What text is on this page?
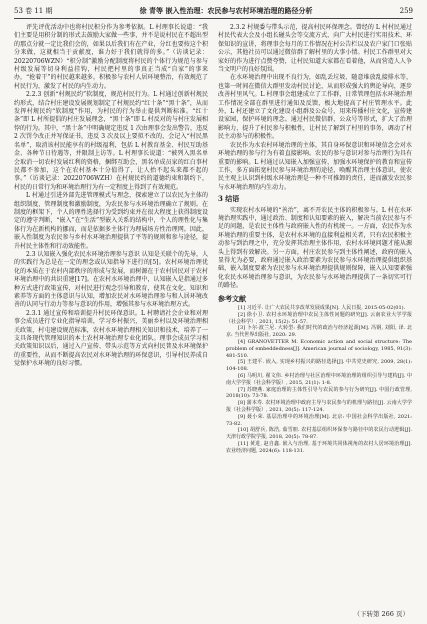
53 卷 11 期	徐 青等 嵌入性治理：农民参与农村环境治理的路径分析	259

评先评优活动中也将村民积分作为参考依据。L 村理事长说道：“我们主要是用积分制的形式去鼓励大家做一些事，并不是说村民在不超出型的那点分就一定比我们会的，如果以后我们有在产业，分红也要按这个积分来做，这就相当于贡献度，谁力好于我们就得的多。”（访谈记录：20220706WZN）“积分制”激励分配制度将村民的个体行为规范与参与村级发展等切身利益挂钩，村民把村里的事真正当成“自家”的事来办，“抢着干”的村民越来越多，积极参与农村人居环境整治，有效规范了村民行为，激发了村民的内生动力。

2.2.3 创新“村规民约”软制度，规范村民行为。L 村通过创新村规民约形式，结合村庄建设发展规划制定了村规民约“红十条”“黑十条”，从而发挥村规民约“软制度”作用，为村民的行为举止提供判断标准。“红十条”即 L 村所提倡的村庄发展理念，“黑十条”即 L 村反对的与村庄发展相悖的行为。其中，“黑十条”中明确规定违反 1 次由理事会发出警告，违反 2 次罚令改正并写保证书，违反 3 次及以上要拟不改的，会记入“村民黑名单”，取消该村民能享有的村级福利，包括 L 村教育基金、村民互助基金、各种节日待遇等，并限制上访等。L 村理事长说道：“被列入黑名单会取消一切农村发展红利的资格，捆绑互助会，黑名单成员家的红白事村民都不参加，这个在农村基本十分值得了，让人抬不起头来都不起的事。”（访谈记录：20220706WZH）在村规民约的道德约束和制约下，村民的日常行为和环境治理行为有一定程度上得到了有效规范。

L 村通过引进外部先进管理模式与理念，探索建立了以农民为主体的组织制度、管理制度和激励制度，为农民参与水环境治理确立了规则。在制度的框架下，个人的理性选择行为受到约束并在很大程度上获得制度设定的遵守判断，“嵌入”在“生活”型嵌入关系的结构中，个人的理性化与集体行为在新机构的挪而，而是依据多主体行为理展场方性治理网。因此，嵌入性制度为农民参与乡村水环境治理提供了平等的规则和参与途径，提升村民主体性和行动效能性。

2.3 认知嵌入强化农民水环境治理参与意识 认知是关联个的先导，人的实践行为总是在一定的理念或认知指导下进行的[5]。农村环境治理优化的本质在于农村内部秩序的形成与发展，而树源在于农村居民对于农村环境治理中的共识重建[17]。在农村水环境治理中，认知嵌入是指通过多种方式进行政策宣传，对村民进行观念引导和教育，使其在文化、知识和素养等方面的主体意识与认知，增加农民对水环境治理参与和人居环境改善的认同与行动力等参与意识的作用，增强其参与水环境治理方式。

2.3.1 通过宣传和培训提升村民环保意识。L 村聘请社会企业和对理事会成员进行专业化指导培训，学习乡村振兴、美丽乡村以及环境治理相关政策，村屯建设规范标准，农村水环境治理相关知识和技术，培养了一支具备现代管理知识的本土农村环境治理专业化团队。理事会成员学习相关政策知识以后，通过入户宣传、带头示范等方式向村民普及水环境保护的重要性，从而不断提高农民对水环境治理的环保意识，引导村民养成自觉保护水环境的良好习惯。

2.3.2 村规委与带头示范，提高村民环保理念。曾经的 L 村村民通过村民代表大会及小组长碰头会等交流方式，向广大村民进行实用技术、环保知识的宣讲，将理事会每月的工作情况在村公告栏以及农户家门口张贴公示，其他社员可以通过微信群了解村里的大事小情。村民工作群里对大家好的作为进行点赞夸赞，让村民知道大家都在看着他，从而营造人人争当文明户的良好氛围。

在水环境治理中出现不良行为，如乱丢垃圾、随意堆放乱接排水等，也第一时间在微信大群里发动村民讨论，从而形成强大的舆论导向，逐步改善村里风气。L 村理事会组建成立了工作群，日常管理包括水环境治理工作情况全部在群里进行通知及反馈，极大地提高了村庄管理水平。此外，L 村还建立了文化建设小组群及公众号，用来传播村庄文化，宣传建设家园，保护环境的理念。通过村民微信群，公众号等形式，扩大了治理影响力，提升了村民参与积极性，让村民了解到了村里的事务，调动了村民主动参与的积极性。

农民作为水农村环境治理的主体，其自身环保意识和环境信念会对水环境治理的参与行为有着直接影响。农民的参与意识对参与治理行为具有重要的影响。L 村通过认知嵌入加强宣传，加强水环境保护的教育和宣传工作，多方面拓宽村民参与环境治理的途径，唤醒其治理主体意识，使农民主观上认识到村级水环境治理是一种不可推卸的责任，进而激发农民参与水环境治理的内生动力。

3 结语

实现农村水环境的“善治”，离不开农民主体的积极参与。L 村在水环境治理实践中，通过政治、制度和认知要素的嵌入，解决当前农民参与不足的问题，是农民主体性与政府嵌入性的有机统一。一方面，农民作为水环境治理的重要主体，是农村水环境的直接利益相关者，只有农民积极主动参与到治理之中，充分发挥其治理主体作用，农村水环境问题才能从源头上得到有效解决。另一方面，村庄农民参与到主体性阐述，政府的嵌入显得尤为必要，政府通过嵌入政治要素为农民参与水环境治理提供组织基础，嵌入制度要素为农民参与水环境治理提供规则保障，嵌入认知要素强化农民水环境治理参与意识，为农民参与水环境治理提供了一条切实可行的路径。

参考文献

[1] 习近平. 让广大农民共享改革发展成果[N]. 人民日报, 2015-05-02(01).

[2] 徐小卫. 农村水环境治理中农民主体性问题的研究[J]. 云南农业大学学报（社会科学）, 2021, 15(2): 51-57.

[3] 卜尔·波兰尼. 大转型: 我们时代的政治与经济起源[M]. 冯钢, 刘阳, 译. 北京: 当代世界出版社, 2020: 29.

[4] GRANOVETTER M. Economic action and social structure: The problem of embeddedness[J]. American journal of sociology, 1985, 91(3): 481-510.

[5] 王建平. 嵌入, 实现乡村振兴的路径选择[J]. 中共党史研究, 2009, 28(1): 104-108.

[6] 马明川, 翟文伟. 乡村治理与社区治理中环境治理的组织引导与建构[J]. 中南大学学报（社会科学版）, 2015, 21(1): 1-8.

[7] 苏晓燕. 家庭治理的主体性引导与农民的参与行为研究[J]. 中国行政管理, 2018(10): 73-78.

[8] 蒲本寿. 农村环境治理中政府主导与农民参与的机理与路径[J]. 云南大学学报（社会科学版）, 2021, 20(5): 117-124.

[9] 聂小荣. 基层治理中的环境治理[M]. 北京: 中国社会科学出版社, 2021: 73-82.

[10] 胡舒兵, 陈浩, 茹雪朋. 农村基层组织环保参与路径中的农民行动逻辑[J]. 天津行政学院学报, 2018, 20(5): 78-87.

[11] 黄进, 赵自鑫. 嵌入与治理, 基于环境共同体视角的农村人居环境治理[J]. 农业经济问题, 2024(6): 118-131.

（下转第 266 页）
